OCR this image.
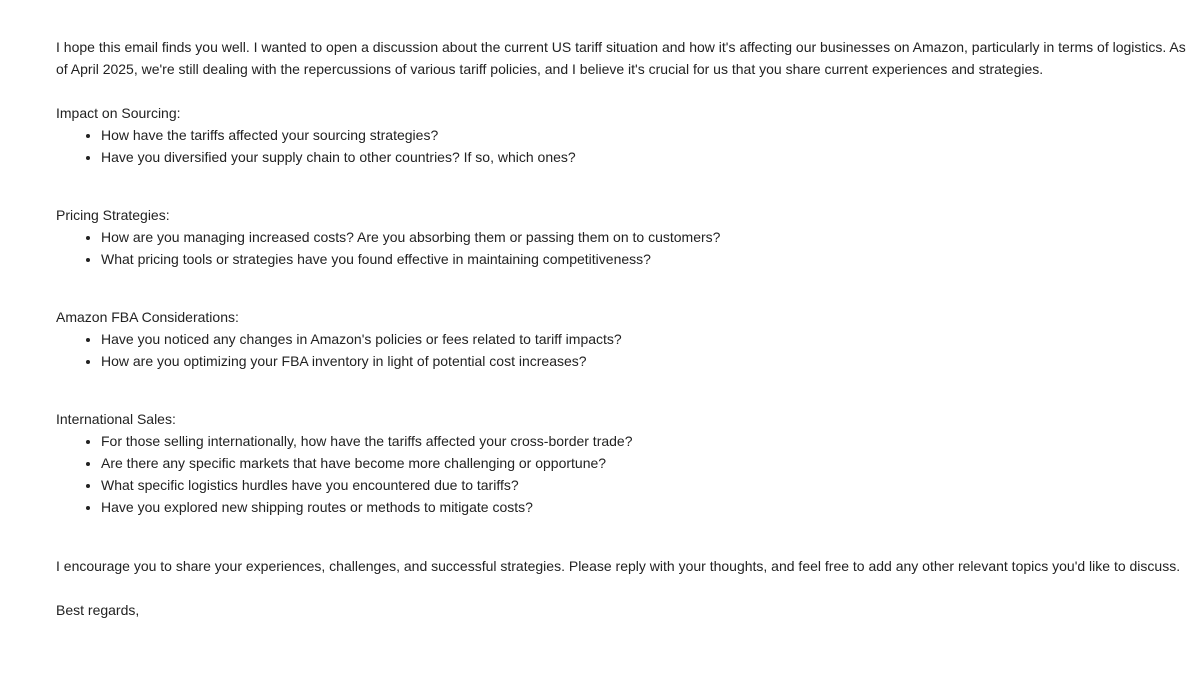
I hope this email finds you well. I wanted to open a discussion about the current US tariff situation and how it's affecting our businesses on Amazon, particularly in terms of logistics. As of April 2025, we're still dealing with the repercussions of various tariff policies, and I believe it's crucial for us that you share current experiences and strategies.

Impact on Sourcing:

• How have the tariffs affected your sourcing strategies?
• Have you diversified your supply chain to other countries? If so, which ones?

Pricing Strategies:

• How are you managing increased costs? Are you absorbing them or passing them on to customers?
• What pricing tools or strategies have you found effective in maintaining competitiveness?

Amazon FBA Considerations:

• Have you noticed any changes in Amazon's policies or fees related to tariff impacts?
• How are you optimizing your FBA inventory in light of potential cost increases?

International Sales:

• For those selling internationally, how have the tariffs affected your cross-border trade?
• Are there any specific markets that have become more challenging or opportune?
• What specific logistics hurdles have you encountered due to tariffs?
• Have you explored new shipping routes or methods to mitigate costs?

I encourage you to share your experiences, challenges, and successful strategies. Please reply with your thoughts, and feel free to add any other relevant topics you'd like to discuss.

Best regards,
